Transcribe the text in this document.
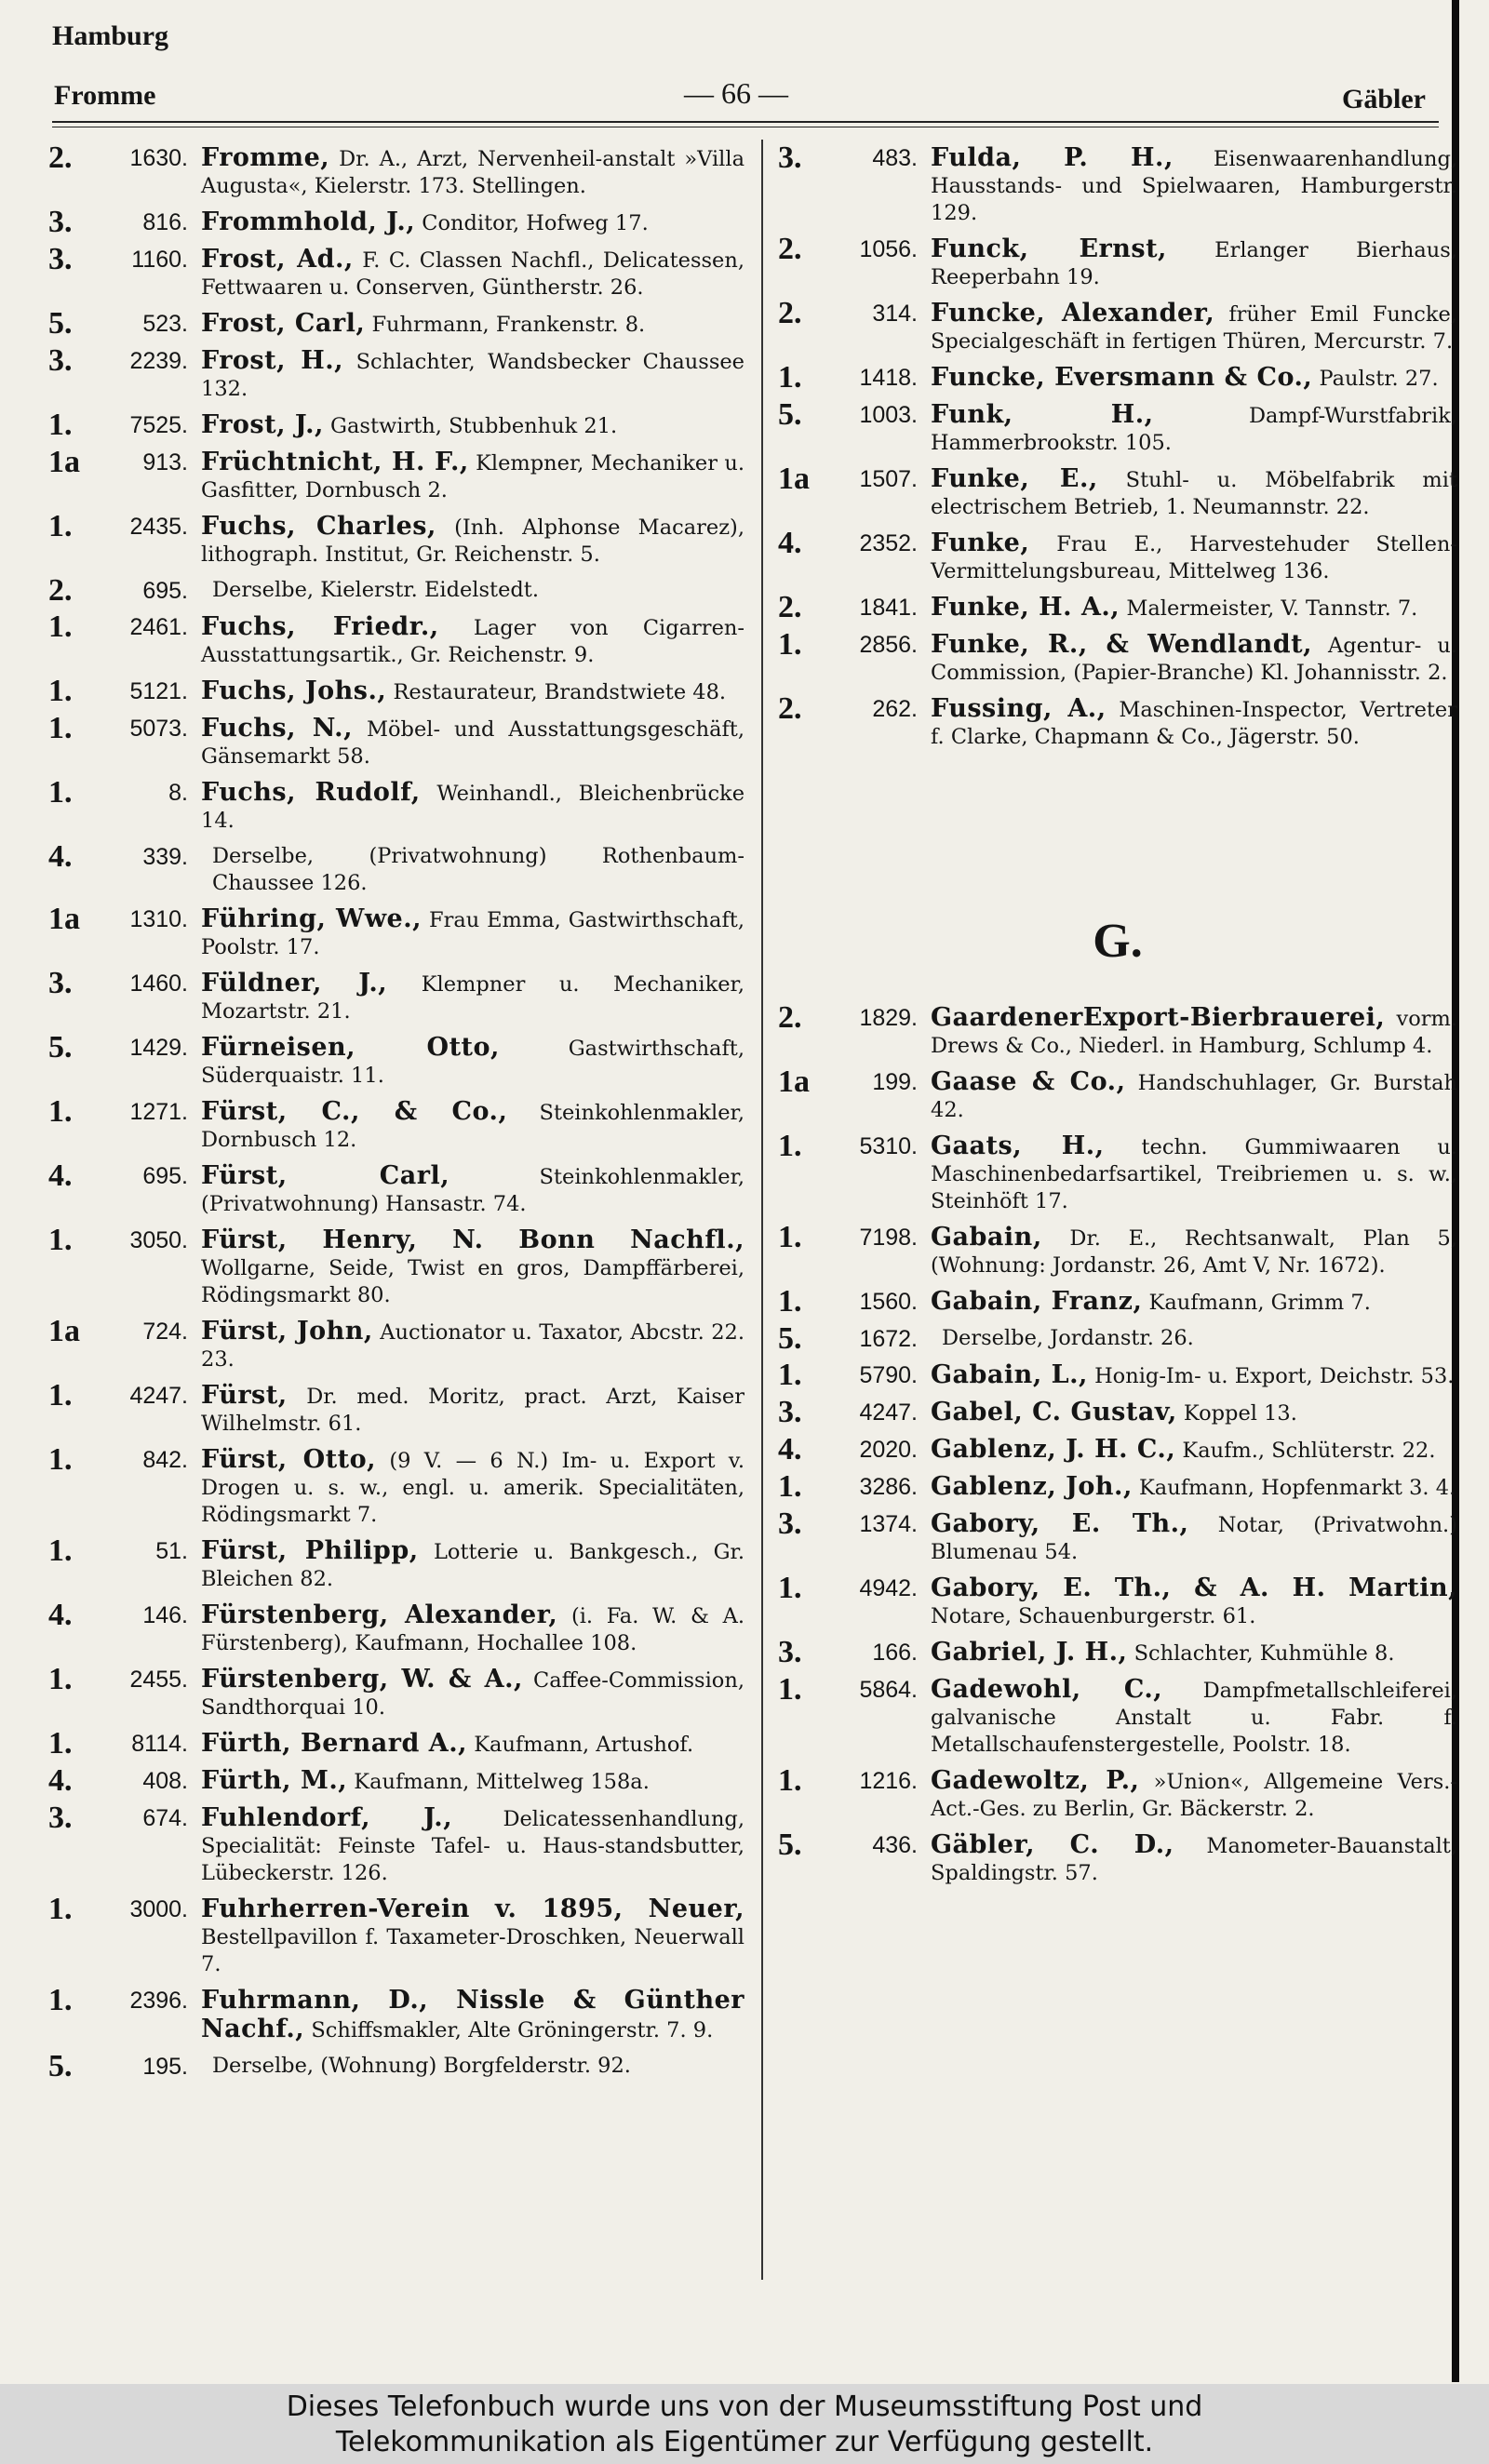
Hamburg
Fromme	— 66 —	Gäbler
2.	1630. Fromme, Dr. A., Arzt, Nervenheil-anstalt »Villa Augusta«, Kielerstr. 173. Stellingen.
3.	816. Frommhold, J., Conditor, Hofweg 17.
3.	1160. Frost, Ad., F. C. Classen Nachfl., Delicatessen, Fettwaaren u. Conserven, Güntherstr. 26.
5.	523. Frost, Carl, Fuhrmann, Frankenstr. 8.
3.	2239. Frost, H., Schlachter, Wandsbecker Chaussee 132.
1.	7525. Frost, J., Gastwirth, Stubbenhuk 21.
1a	913. Früchtnicht, H. F., Klempner, Mechaniker u. Gasfitter, Dornbusch 2.
1.	2435. Fuchs, Charles, (Inh. Alphonse Macarez), lithograph. Institut, Gr. Reichenstr. 5.
2.	695.	Derselbe, Kielerstr. Eidelstedt.
1.	2461. Fuchs, Friedr., Lager von Cigarren-Ausstattungsartik., Gr. Reichenstr. 9.
1.	5121. Fuchs, Johs., Restaurateur, Brandstwiete 48.
1.	5073. Fuchs, N., Möbel- und Ausstattungsgeschäft, Gänsemarkt 58.
1.	8. Fuchs, Rudolf, Weinhandl., Bleichenbrücke 14.
4.	339.	Derselbe, (Privatwohnung) Rothenbaum-Chaussee 126.
1a	1310. Führing, Wwe., Frau Emma, Gastwirthschaft, Poolstr. 17.
3.	1460. Füldner, J., Klempner u. Mechaniker, Mozartstr. 21.
5.	1429. Fürneisen, Otto,	Gastwirthschaft, Süderquaistr. 11.
1.	1271. Fürst, C., & Co., Steinkohlenmakler, Dornbusch 12.
4.	695. Fürst, Carl,	Steinkohlenmakler, (Privatwohnung) Hansastr. 74.
1.	3050. Fürst, Henry, N. Bonn Nachfl., Wollgarne, Seide, Twist en gros, Dampffärberei, Rödingsmarkt 80.
1a	724. Fürst, John, Auctionator u. Taxator, Abcstr. 22. 23.
1.	4247. Fürst, Dr. med. Moritz, pract. Arzt, Kaiser Wilhelmstr. 61.
1.	842. Fürst, Otto, (9 V. — 6 N.) Im- u. Export v. Drogen u. s. w., engl. u. amerik. Specialitäten, Rödingsmarkt 7.
1.	51. Fürst, Philipp, Lotterie u. Bankgesch., Gr. Bleichen 82.
4.	146. Fürstenberg, Alexander, (i. Fa. W. & A. Fürstenberg), Kaufmann, Hochallee 108.
1.	2455. Fürstenberg, W. & A., Caffee-Commission, Sandthorquai 10.
1.	8114. Fürth, Bernard A., Kaufmann, Artushof.
4.	408. Fürth, M., Kaufmann, Mittelweg 158a.
3.	674. Fuhlendorf, J., Delicatessenhandlung, Specialität: Feinste Tafel- u. Haus-standsbutter, Lübeckerstr. 126.
1.	3000. Fuhrherren-Verein v. 1895, Neuer, Bestellpavillon f. Taxameter-Droschken, Neuerwall 7.
1.	2396. Fuhrmann, D., Nissle & Günther Nachf., Schiffsmakler, Alte Gröningerstr. 7. 9.
5.	195.	Derselbe, (Wohnung) Borgfelderstr. 92.
3.	483. Fulda, P. H., Eisenwaarenhandlung, Hausstands- und Spielwaaren, Hamburgerstr. 129.
2.	1056. Funck, Ernst, Erlanger Bierhaus, Reeperbahn 19.
2.	314. Funcke, Alexander, früher Emil Funcke, Specialgeschäft in fertigen Thüren, Mercurstr. 7.
1.	1418. Funcke, Eversmann & Co., Paulstr. 27.
5.	1003. Funk, H.,	Dampf-Wurstfabrik, Hammerbrookstr. 105.
1a	1507. Funke, E., Stuhl- u. Möbelfabrik mit electrischem Betrieb, 1. Neumannstr. 22.
4.	2352. Funke, Frau E., Harvestehuder Stellen-Vermittelungsbureau, Mittelweg 136.
2.	1841. Funke, H. A., Malermeister, V. Tannstr. 7.
1.	2856. Funke, R., & Wendlandt, Agentur- u. Commission, (Papier-Branche) Kl. Johannisstr. 2.
2.	262. Fussing, A., Maschinen-Inspector, Vertreter f. Clarke, Chapmann & Co., Jägerstr. 50.
G.
2.	1829. GaardenerExport-Bierbrauerei, vorm. Drews & Co., Niederl. in Hamburg, Schlump 4.
1a	199. Gaase & Co., Handschuhlager, Gr. Burstah 42.
1.	5310. Gaats, H., techn. Gummiwaaren u. Maschinenbedarfsartikel, Treibriemen u. s. w., Steinhöft 17.
1.	7198. Gabain, Dr. E., Rechtsanwalt, Plan 5, (Wohnung: Jordanstr. 26, Amt V, Nr. 1672).
1.	1560. Gabain, Franz, Kaufmann, Grimm 7.
5.	1672.	Derselbe, Jordanstr. 26.
1.	5790. Gabain, L., Honig-Im- u. Export, Deichstr. 53.
3.	4247. Gabel, C. Gustav, Koppel 13.
4.	2020. Gablenz, J. H. C., Kaufm., Schlüterstr. 22.
1.	3286. Gablenz, Joh., Kaufmann, Hopfenmarkt 3. 4.
3.	1374. Gabory, E. Th., Notar, (Privatwohn.) Blumenau 54.
1.	4942. Gabory, E. Th., & A. H. Martin, Notare, Schauenburgerstr. 61.
3.	166. Gabriel, J. H., Schlachter, Kuhmühle 8.
1.	5864. Gadewohl, C., Dampfmetallschleiferei, galvanische Anstalt u. Fabr. f. Metallschaufenstergestelle, Poolstr. 18.
1.	1216. Gadewoltz, P., »Union«, Allgemeine Vers.-Act.-Ges. zu Berlin, Gr. Bäckerstr. 2.
5.	436. Gäbler, C. D., Manometer-Bauanstalt, Spaldingstr. 57.
Dieses Telefonbuch wurde uns von der Museumsstiftung Post und
Telekommunikation als Eigentümer zur Verfügung gestellt.
